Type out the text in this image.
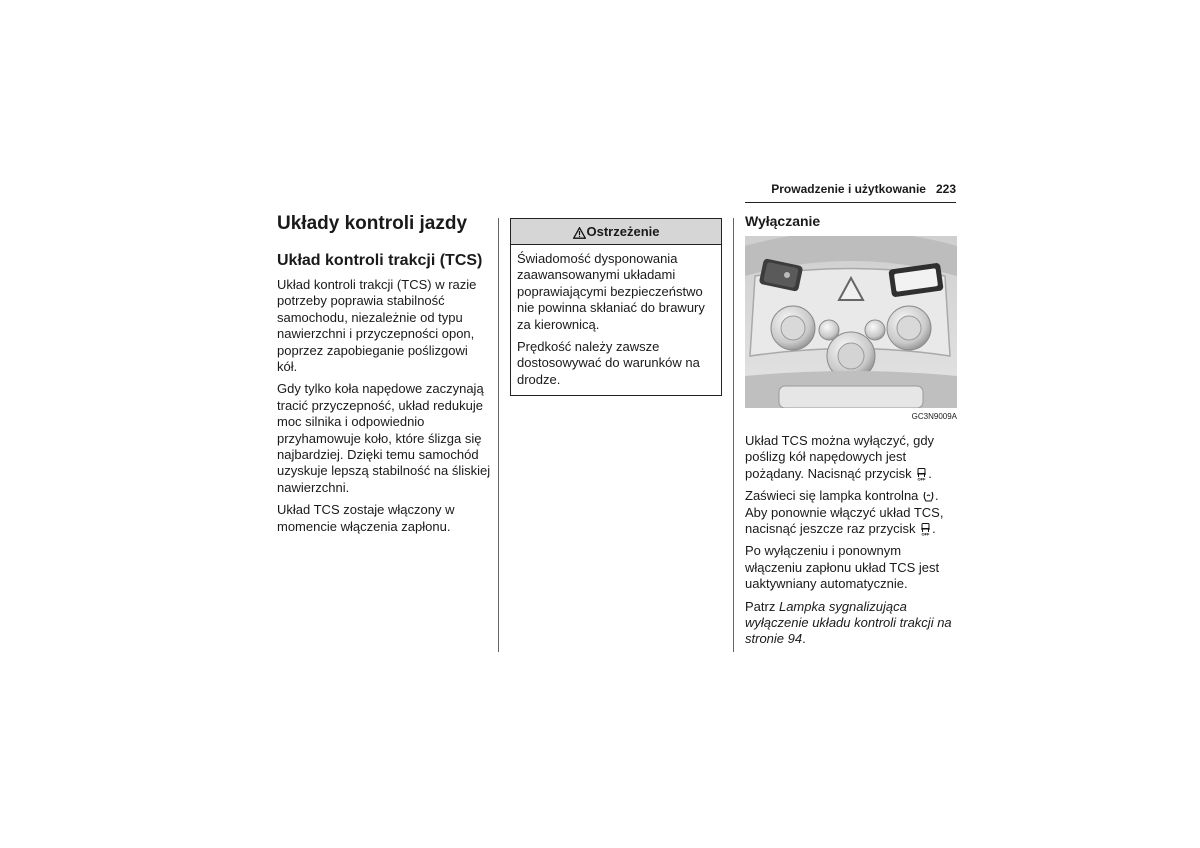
Prowadzenie i użytkowanie 223
Układy kontroli jazdy
Układ kontroli trakcji (TCS)

Układ kontroli trakcji (TCS) w razie potrzeby poprawia stabilność samochodu, niezależnie od typu nawierzchni i przyczepności opon, poprzez zapobieganie poślizgowi kół.

Gdy tylko koła napędowe zaczynają tracić przyczepność, układ redukuje moc silnika i odpowiednio przyhamowuje koło, które ślizga się najbardziej. Dzięki temu samochód uzyskuje lepszą stabilność na śliskiej nawierzchni.

Układ TCS zostaje włączony w momencie włączenia zapłonu.

Ostrzeżenie

Świadomość dysponowania zaawansowanymi układami poprawiającymi bezpieczeństwo nie powinna skłaniać do brawury za kierownicą.

Prędkość należy zawsze dostosowywać do warunków na drodze.

Wyłączanie
GC3N9009A

Układ TCS można wyłączyć, gdy poślizg kół napędowych jest pożądany. Nacisnąć przycisk OFF .

Zaświeci się lampka kontrolna . Aby ponownie włączyć układ TCS, nacisnąć jeszcze raz przycisk OFF .

Po wyłączeniu i ponownym włączeniu zapłonu układ TCS jest uaktywniany automatycznie.

Patrz Lampka sygnalizująca wyłączenie układu kontroli trakcji na stronie 94.
